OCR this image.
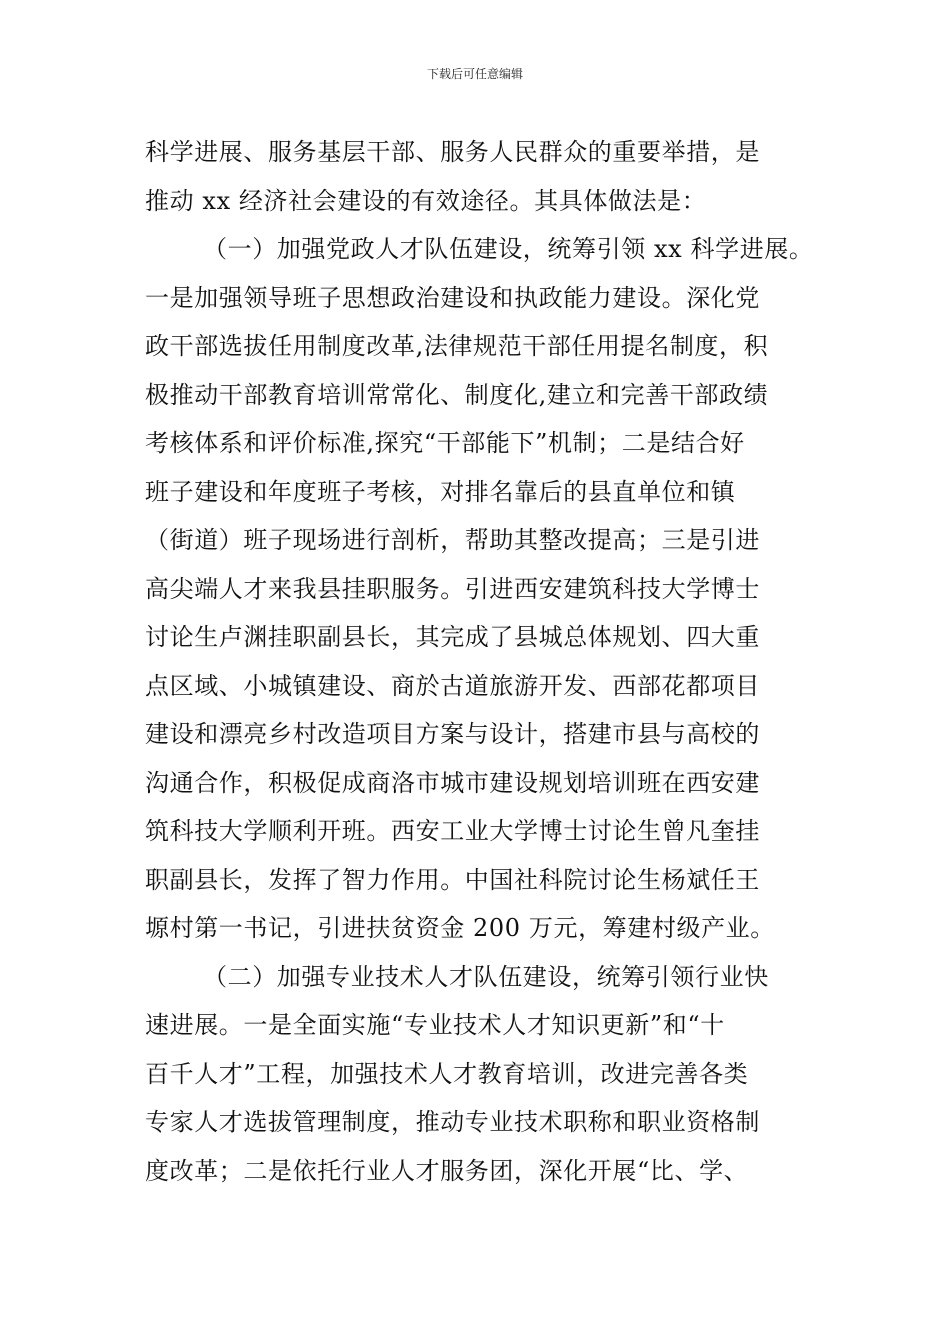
下载后可任意编辑
科学进展、服务基层干部、服务人民群众的重要举措，是
推动 xx 经济社会建设的有效途径。其具体做法是：
（一）加强党政人才队伍建设，统筹引领 xx 科学进展。
一是加强领导班子思想政治建设和执政能力建设。深化党
政干部选拔任用制度改革,法律规范干部任用提名制度，积
极推动干部教育培训常常化、制度化,建立和完善干部政绩
考核体系和评价标准,探究“干部能下”机制；二是结合好
班子建设和年度班子考核，对排名靠后的县直单位和镇
（街道）班子现场进行剖析，帮助其整改提高；三是引进
高尖端人才来我县挂职服务。引进西安建筑科技大学博士
讨论生卢渊挂职副县长，其完成了县城总体规划、四大重
点区域、小城镇建设、商於古道旅游开发、西部花都项目
建设和漂亮乡村改造项目方案与设计，搭建市县与高校的
沟通合作，积极促成商洛市城市建设规划培训班在西安建
筑科技大学顺利开班。西安工业大学博士讨论生曾凡奎挂
职副县长，发挥了智力作用。中国社科院讨论生杨斌任王
塬村第一书记，引进扶贫资金 200 万元，筹建村级产业。
（二）加强专业技术人才队伍建设，统筹引领行业快
速进展。一是全面实施“专业技术人才知识更新”和“十
百千人才”工程，加强技术人才教育培训，改进完善各类
专家人才选拔管理制度，推动专业技术职称和职业资格制
度改革；二是依托行业人才服务团，深化开展“比、学、
